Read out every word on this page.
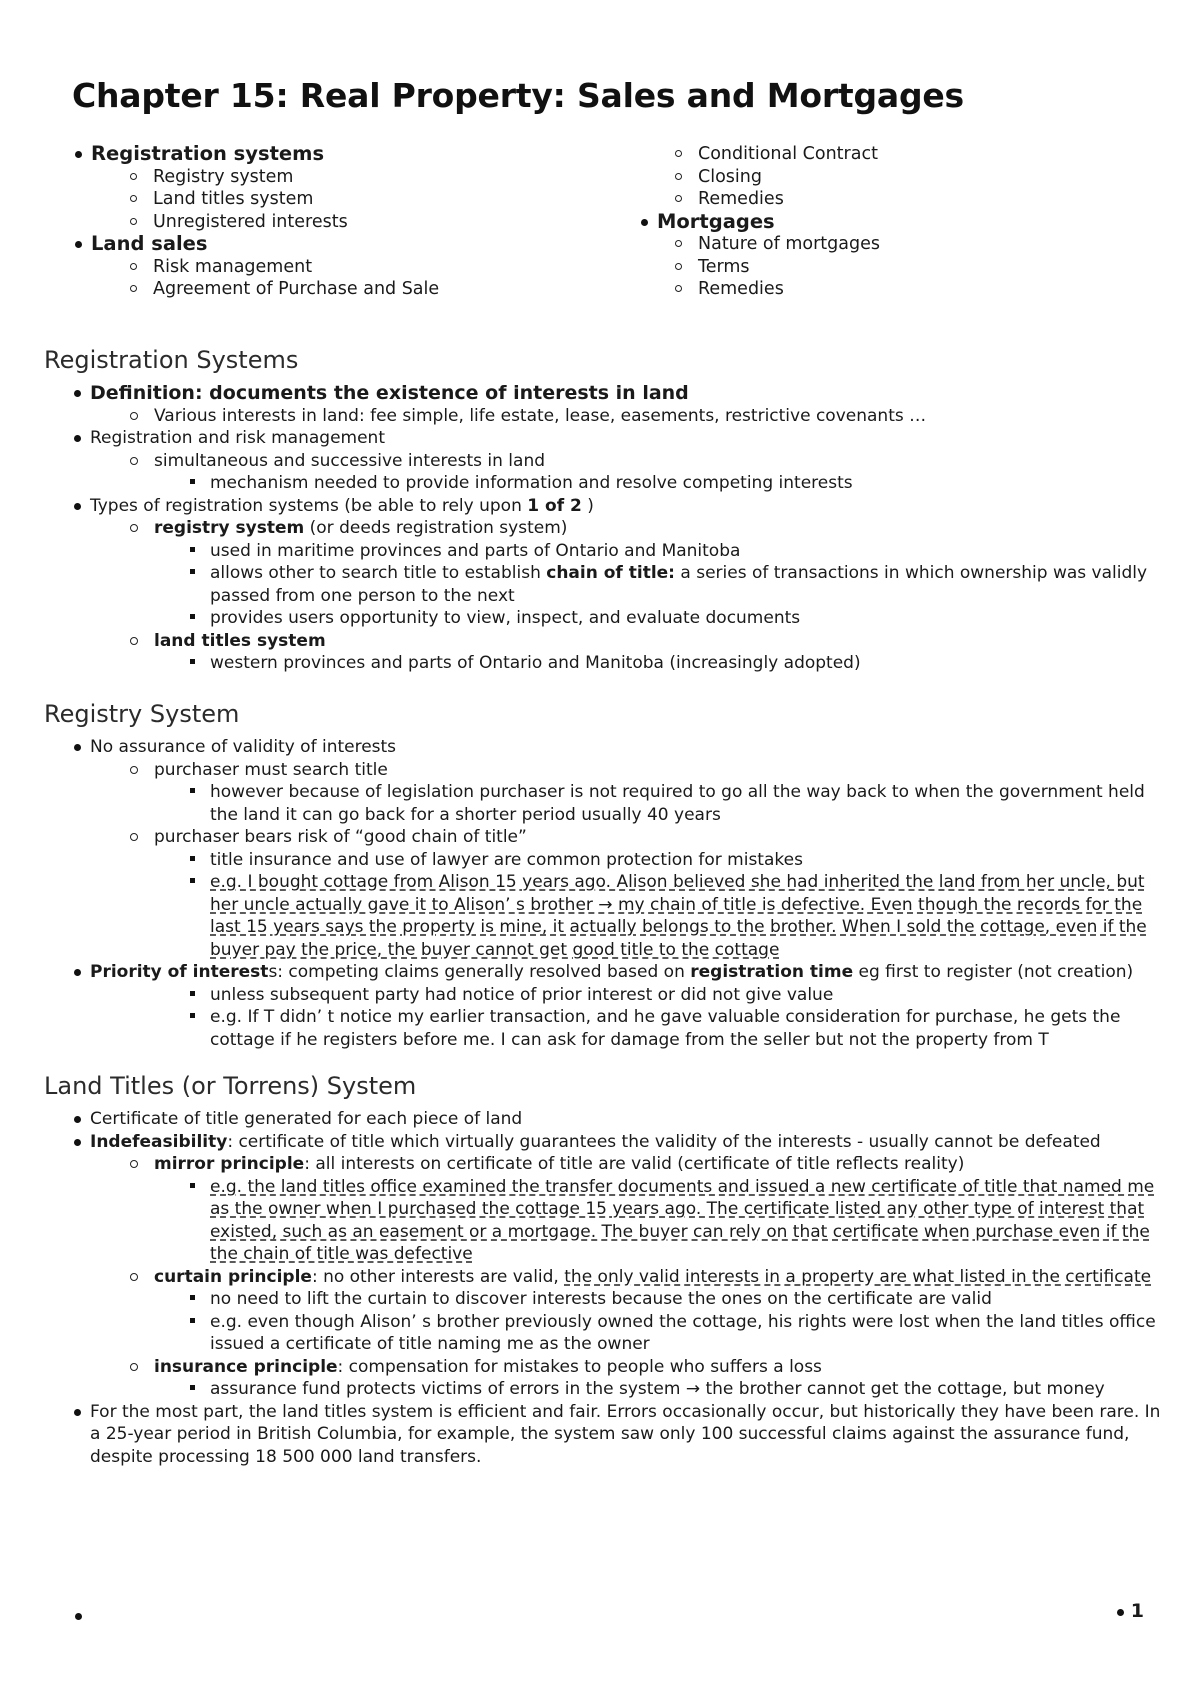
Chapter 15: Real Property: Sales and Mortgages
Registration systems
Registry system
Land titles system
Unregistered interests
Land sales
Risk management
Agreement of Purchase and Sale
Conditional Contract
Closing
Remedies
Mortgages
Nature of mortgages
Terms
Remedies
Registration Systems
Definition: documents the existence of interests in land
Various interests in land: fee simple, life estate, lease, easements, restrictive covenants …
Registration and risk management
simultaneous and successive interests in land
mechanism needed to provide information and resolve competing interests
Types of registration systems (be able to rely upon 1 of 2 )
registry system (or deeds registration system)
used in maritime provinces and parts of Ontario and Manitoba
allows other to search title to establish chain of title: a series of transactions in which ownership was validly passed from one person to the next
provides users opportunity to view, inspect, and evaluate documents
land titles system
western provinces and parts of Ontario and Manitoba (increasingly adopted)
Registry System
No assurance of validity of interests
purchaser must search title
however because of legislation purchaser is not required to go all the way back to when the government held the land it can go back for a shorter period usually 40 years
purchaser bears risk of “good chain of title”
title insurance and use of lawyer are common protection for mistakes
e.g. I bought cottage from Alison 15 years ago. Alison believed she had inherited the land from her uncle, but her uncle actually gave it to Alison’ s brother → my chain of title is defective. Even though the records for the last 15 years says the property is mine, it actually belongs to the brother. When I sold the cottage, even if the buyer pay the price, the buyer cannot get good title to the cottage
Priority of interests: competing claims generally resolved based on registration time eg first to register (not creation)
unless subsequent party had notice of prior interest or did not give value
e.g. If T didn’ t notice my earlier transaction, and he gave valuable consideration for purchase, he gets the cottage if he registers before me. I can ask for damage from the seller but not the property from T
Land Titles (or Torrens) System
Certificate of title generated for each piece of land
Indefeasibility: certificate of title which virtually guarantees the validity of the interests - usually cannot be defeated
mirror principle: all interests on certificate of title are valid (certificate of title reflects reality)
e.g. the land titles office examined the transfer documents and issued a new certificate of title that named me as the owner when I purchased the cottage 15 years ago. The certificate listed any other type of interest that existed, such as an easement or a mortgage. The buyer can rely on that certificate when purchase even if the the chain of title was defective
curtain principle: no other interests are valid, the only valid interests in a property are what listed in the certificate
no need to lift the curtain to discover interests because the ones on the certificate are valid
e.g. even though Alison’ s brother previously owned the cottage, his rights were lost when the land titles office issued a certificate of title naming me as the owner
insurance principle: compensation for mistakes to people who suffers a loss
assurance fund protects victims of errors in the system → the brother cannot get the cottage, but money
For the most part, the land titles system is efficient and fair. Errors occasionally occur, but historically they have been rare. In a 25-year period in British Columbia, for example, the system saw only 100 successful claims against the assurance fund, despite processing 18 500 000 land transfers.
1
